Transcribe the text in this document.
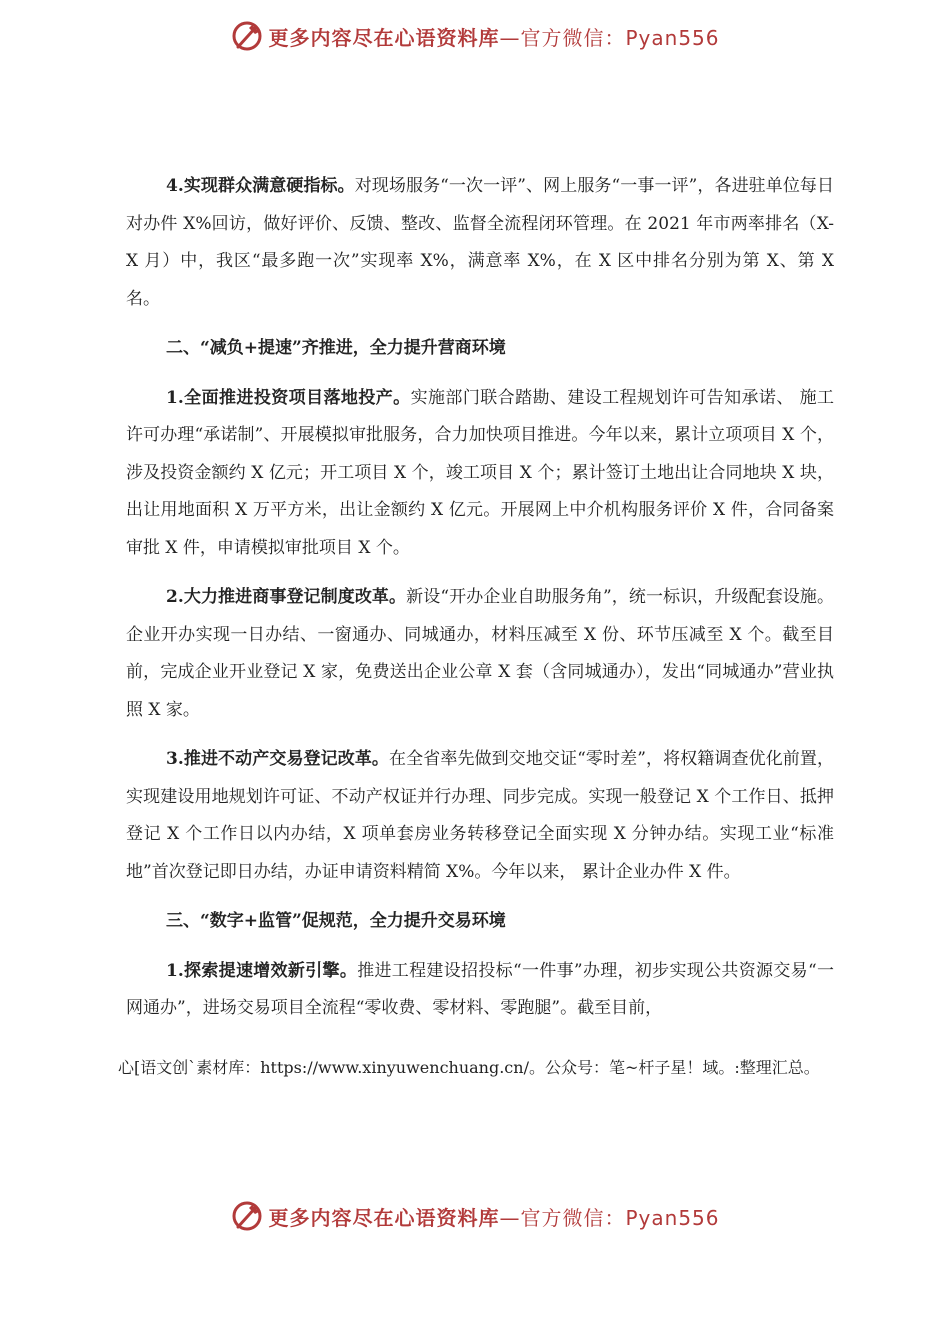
更多内容尽在心语资料库—官方微信：Pyan556

4.实现群众满意硬指标。对现场服务“一次一评”、网上服务“一事一评”，各进驻单位每日对办件 X%回访，做好评价、反馈、整改、监督全流程闭环管理。在 2021 年市两率排名（X-X 月）中，我区“最多跑一次”实现率 X%，满意率 X%，在 X 区中排名分别为第 X、第 X 名。

二、“减负+提速”齐推进，全力提升营商环境

1.全面推进投资项目落地投产。实施部门联合踏勘、建设工程规划许可告知承诺、 施工许可办理“承诺制”、开展模拟审批服务，合力加快项目推进。今年以来，累计立项项目 X 个，涉及投资金额约 X 亿元；开工项目 X 个，竣工项目 X 个；累计签订土地出让合同地块 X 块，出让用地面积 X 万平方米，出让金额约 X 亿元。开展网上中介机构服务评价 X 件，合同备案审批 X 件，申请模拟审批项目 X 个。

2.大力推进商事登记制度改革。新设“开办企业自助服务角”，统一标识，升级配套设施。企业开办实现一日办结、一窗通办、同城通办，材料压减至 X 份、环节压减至 X 个。截至目前，完成企业开业登记 X 家，免费送出企业公章 X 套（含同城通办），发出“同城通办”营业执照 X 家。

3.推进不动产交易登记改革。在全省率先做到交地交证“零时差”，将权籍调查优化前置，实现建设用地规划许可证、不动产权证并行办理、同步完成。实现一般登记 X 个工作日、抵押登记 X 个工作日以内办结，X 项单套房业务转移登记全面实现 X 分钟办结。实现工业“标准地”首次登记即日办结，办证申请资料精简 X%。今年以来， 累计企业办件 X 件。

三、“数字+监管”促规范，全力提升交易环境

1.探索提速增效新引擎。推进工程建设招投标“一件事”办理，初步实现公共资源交易“一网通办”，进场交易项目全流程“零收费、零材料、零跑腿”。截至目前，

心[语文创`素材库：https://www.xinyuwenchuang.cn/。公众号：笔~杆子星！域。:整理汇总。
更多内容尽在心语资料库—官方微信：Pyan556
